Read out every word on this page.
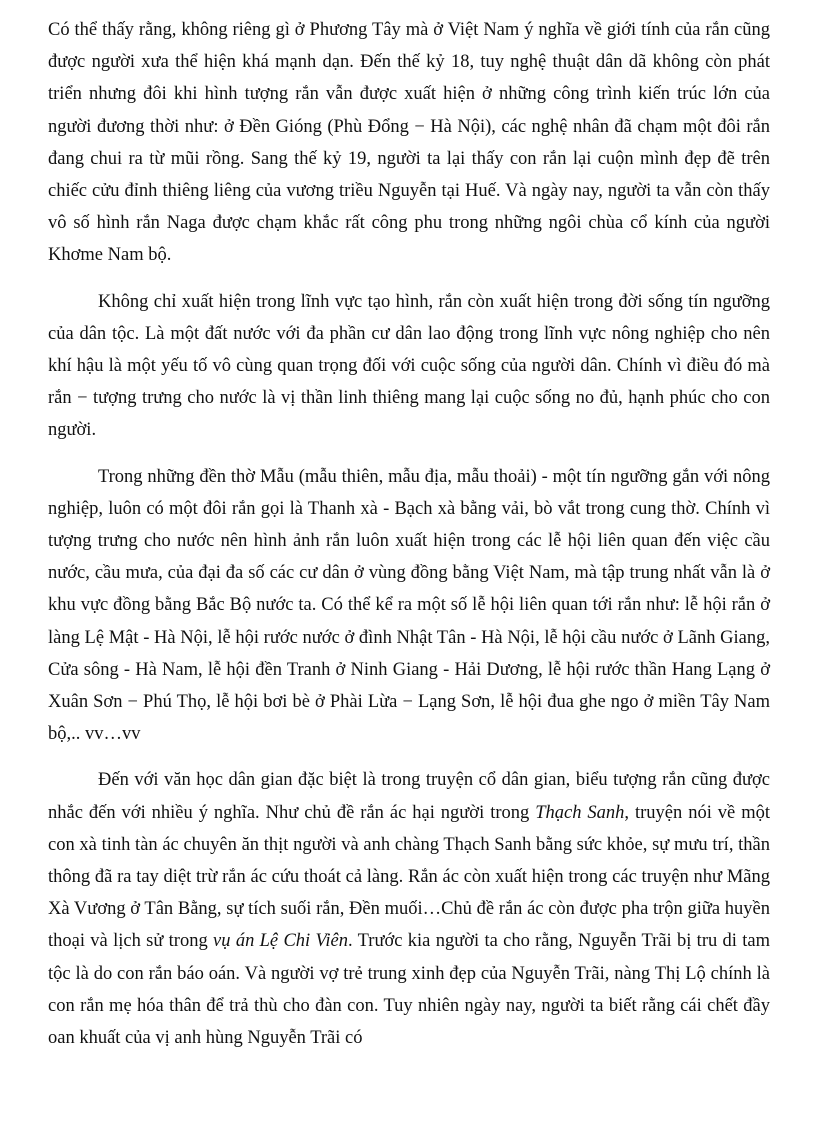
Có thể thấy rằng, không riêng gì ở Phương Tây mà ở Việt Nam ý nghĩa về giới tính của rắn cũng được người xưa thể hiện khá mạnh dạn. Đến thế kỷ 18, tuy nghệ thuật dân dã không còn phát triển nhưng đôi khi hình tượng rắn vẫn được xuất hiện ở những công trình kiến trúc lớn của người đương thời như: ở Đền Gióng (Phù Đổng − Hà Nội), các nghệ nhân đã chạm một đôi rắn đang chui ra từ mũi rồng. Sang thế kỷ 19, người ta lại thấy con rắn lại cuộn mình đẹp đẽ trên chiếc cửu đỉnh thiêng liêng của vương triều Nguyễn tại Huế. Và ngày nay, người ta vẫn còn thấy vô số hình rắn Naga được chạm khắc rất công phu trong những ngôi chùa cổ kính của người Khơme Nam bộ.

Không chỉ xuất hiện trong lĩnh vực tạo hình, rắn còn xuất hiện trong đời sống tín ngưỡng của dân tộc. Là một đất nước với đa phần cư dân lao động trong lĩnh vực nông nghiệp cho nên khí hậu là một yếu tố vô cùng quan trọng đối với cuộc sống của người dân. Chính vì điều đó mà rắn − tượng trưng cho nước là vị thần linh thiêng mang lại cuộc sống no đủ, hạnh phúc cho con người.

Trong những đền thờ Mẫu (mẫu thiên, mẫu địa, mẫu thoải) - một tín ngưỡng gắn với nông nghiệp, luôn có một đôi rắn gọi là Thanh xà - Bạch xà bằng vải, bò vắt trong cung thờ. Chính vì tượng trưng cho nước nên hình ảnh rắn luôn xuất hiện trong các lễ hội liên quan đến việc cầu nước, cầu mưa, của đại đa số các cư dân ở vùng đồng bằng Việt Nam, mà tập trung nhất vẫn là ở khu vực đồng bằng Bắc Bộ nước ta. Có thể kể ra một số lễ hội liên quan tới rắn như: lễ hội rắn ở làng Lệ Mật - Hà Nội, lễ hội rước nước ở đình Nhật Tân - Hà Nội, lễ hội cầu nước ở Lãnh Giang, Cửa sông - Hà Nam, lễ hội đền Tranh ở Ninh Giang - Hải Dương, lễ hội rước thần Hang Lạng ở Xuân Sơn − Phú Thọ, lễ hội bơi bè ở Phài Lừa − Lạng Sơn, lễ hội đua ghe ngo ở miền Tây Nam bộ,.. vv…vv

Đến với văn học dân gian đặc biệt là trong truyện cổ dân gian, biểu tượng rắn cũng được nhắc đến với nhiều ý nghĩa. Như chủ đề rắn ác hại người trong Thạch Sanh, truyện nói về một con xà tinh tàn ác chuyên ăn thịt người và anh chàng Thạch Sanh bằng sức khỏe, sự mưu trí, thần thông đã ra tay diệt trừ rắn ác cứu thoát cả làng. Rắn ác còn xuất hiện trong các truyện như Mãng Xà Vương ở Tân Bằng, sự tích suối rắn, Đền muối…Chủ đề rắn ác còn được pha trộn giữa huyền thoại và lịch sử trong vụ án Lệ Chi Viên. Trước kia người ta cho rằng, Nguyễn Trãi bị tru di tam tộc là do con rắn báo oán. Và người vợ trẻ trung xinh đẹp của Nguyễn Trãi, nàng Thị Lộ chính là con rắn mẹ hóa thân để trả thù cho đàn con. Tuy nhiên ngày nay, người ta biết rằng cái chết đầy oan khuất của vị anh hùng Nguyễn Trãi có
